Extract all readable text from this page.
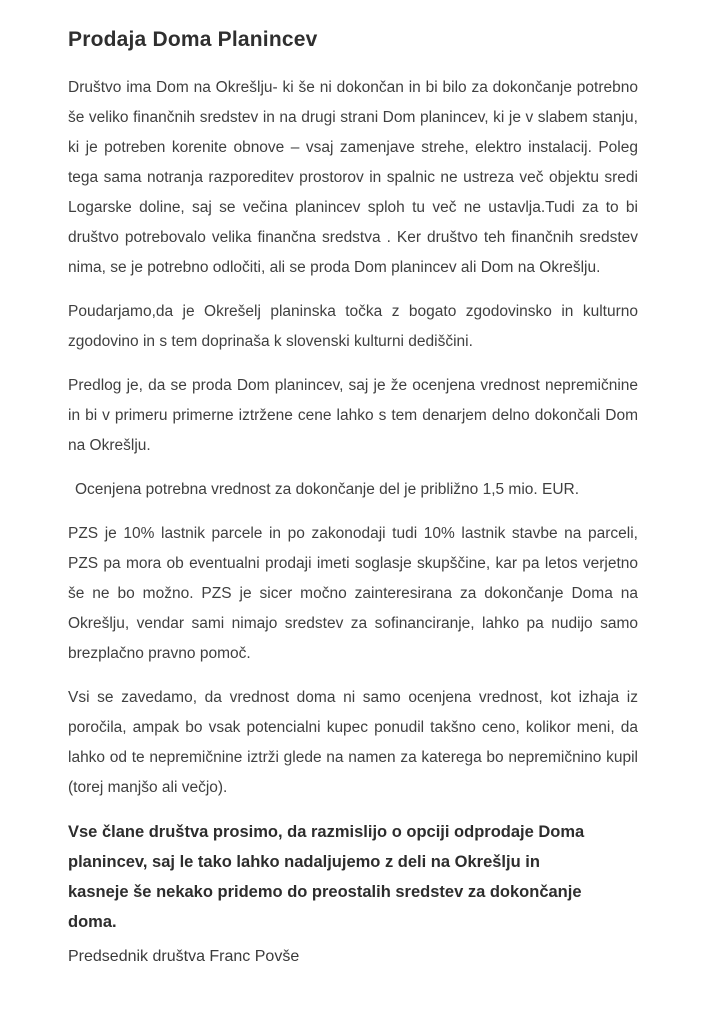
Prodaja Doma Planincev

Društvo ima Dom na Okrešlju- ki še ni dokončan in bi bilo za dokončanje potrebno še veliko finančnih sredstev in na drugi strani Dom planincev, ki je v slabem stanju, ki je potreben korenite obnove – vsaj zamenjave strehe, elektro instalacij. Poleg tega sama notranja razporeditev prostorov in spalnic ne ustreza več objektu sredi Logarske doline, saj se večina planincev sploh tu več ne ustavlja.Tudi za to bi društvo potrebovalo velika finančna sredstva . Ker društvo teh finančnih sredstev nima, se je potrebno odločiti, ali se proda Dom planincev ali Dom na Okrešlju.

Poudarjamo,da je Okrešelj planinska točka z bogato zgodovinsko in kulturno zgodovino in s tem doprinaša k slovenski kulturni dediščini.

Predlog je, da se proda Dom planincev, saj je že ocenjena vrednost nepremičnine in bi v primeru primerne iztržene cene lahko s tem denarjem delno dokončali Dom na Okrešlju.

Ocenjena potrebna vrednost za dokončanje del je približno 1,5 mio. EUR.

PZS je 10% lastnik parcele in po zakonodaji tudi 10% lastnik stavbe na parceli, PZS pa mora ob eventualni prodaji imeti soglasje skupščine, kar pa letos verjetno še ne bo možno. PZS je sicer močno zainteresirana za dokončanje Doma na Okrešlju, vendar sami nimajo sredstev za sofinanciranje, lahko pa nudijo samo brezplačno pravno pomoč.

Vsi se zavedamo, da vrednost doma ni samo ocenjena vrednost, kot izhaja iz poročila, ampak bo vsak potencialni kupec ponudil takšno ceno, kolikor meni, da lahko od te nepremičnine iztrži glede na namen za katerega bo nepremičnino kupil (torej manjšo ali večjo).

Vse člane društva prosimo, da razmislijo o opciji odprodaje Doma
planincev, saj le tako lahko nadaljujemo z deli na Okrešlju in
kasneje še nekako pridemo do preostalih sredstev za dokončanje
doma.

Predsednik društva Franc Povše
